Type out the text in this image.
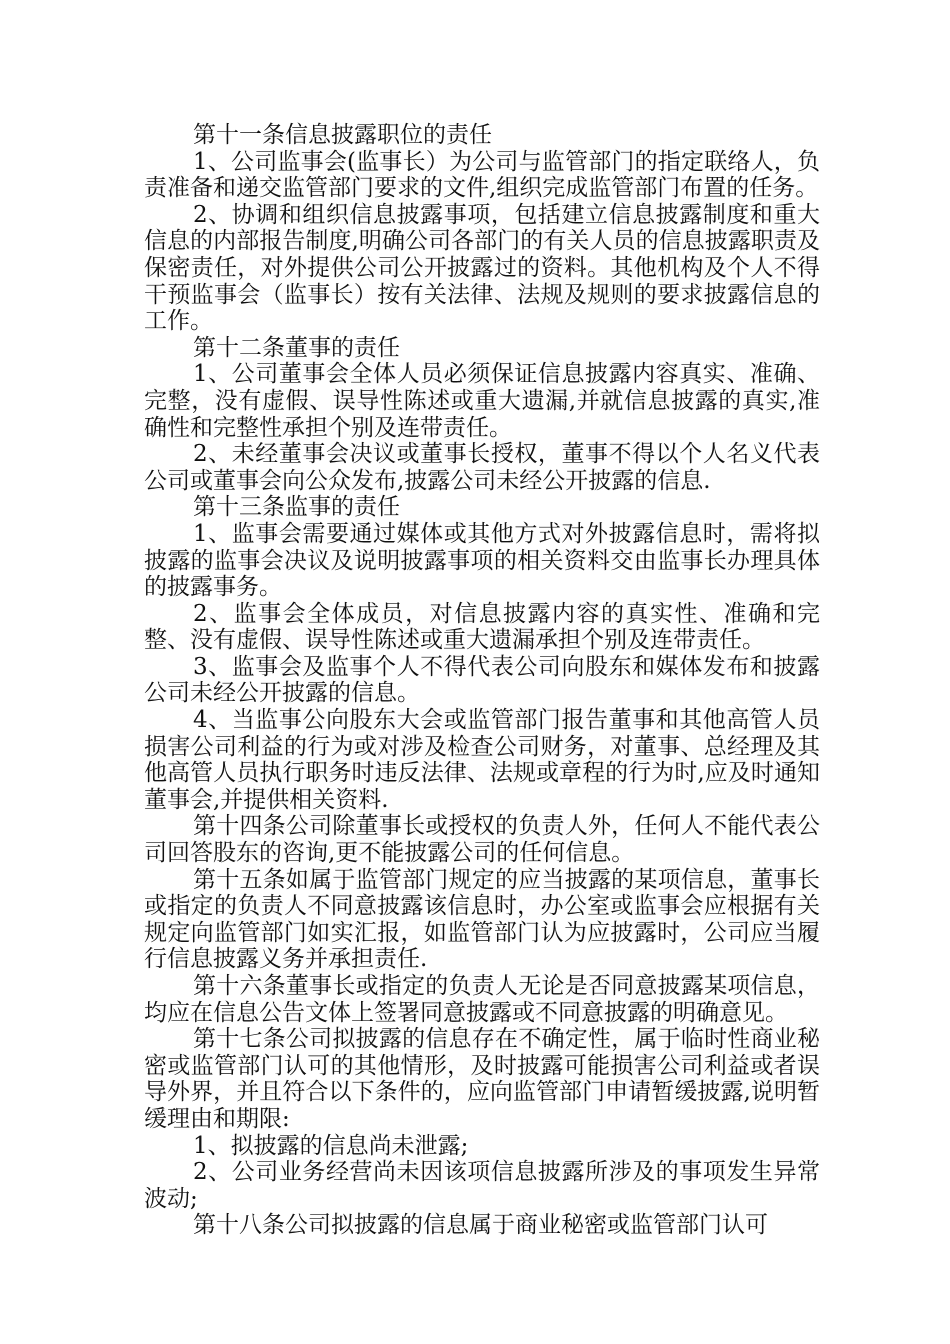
第十一条信息披露职位的责任

1、公司监事会(监事长）为公司与监管部门的指定联络人，负责准备和递交监管部门要求的文件,组织完成监管部门布置的任务。

2、协调和组织信息披露事项，包括建立信息披露制度和重大信息的内部报告制度,明确公司各部门的有关人员的信息披露职责及保密责任，对外提供公司公开披露过的资料。其他机构及个人不得干预监事会（监事长）按有关法律、法规及规则的要求披露信息的工作。

第十二条董事的责任

1、公司董事会全体人员必须保证信息披露内容真实、准确、完整，没有虚假、误导性陈述或重大遗漏,并就信息披露的真实,准确性和完整性承担个别及连带责任。

2、未经董事会决议或董事长授权，董事不得以个人名义代表公司或董事会向公众发布,披露公司未经公开披露的信息.

第十三条监事的责任

1、监事会需要通过媒体或其他方式对外披露信息时，需将拟披露的监事会决议及说明披露事项的相关资料交由监事长办理具体的披露事务。

2、监事会全体成员，对信息披露内容的真实性、准确和完整、没有虚假、误导性陈述或重大遗漏承担个别及连带责任。

3、监事会及监事个人不得代表公司向股东和媒体发布和披露公司未经公开披露的信息。

4、当监事公向股东大会或监管部门报告董事和其他高管人员损害公司利益的行为或对涉及检查公司财务，对董事、总经理及其他高管人员执行职务时违反法律、法规或章程的行为时,应及时通知董事会,并提供相关资料.

第十四条公司除董事长或授权的负责人外，任何人不能代表公司回答股东的咨询,更不能披露公司的任何信息。

第十五条如属于监管部门规定的应当披露的某项信息，董事长或指定的负责人不同意披露该信息时，办公室或监事会应根据有关规定向监管部门如实汇报，如监管部门认为应披露时，公司应当履行信息披露义务并承担责任.

第十六条董事长或指定的负责人无论是否同意披露某项信息，均应在信息公告文体上签署同意披露或不同意披露的明确意见。

第十七条公司拟披露的信息存在不确定性，属于临时性商业秘密或监管部门认可的其他情形，及时披露可能损害公司利益或者误导外界，并且符合以下条件的，应向监管部门申请暂缓披露,说明暂缓理由和期限:

1、拟披露的信息尚未泄露;

2、公司业务经营尚未因该项信息披露所涉及的事项发生异常波动;

第十八条公司拟披露的信息属于商业秘密或监管部门认可
